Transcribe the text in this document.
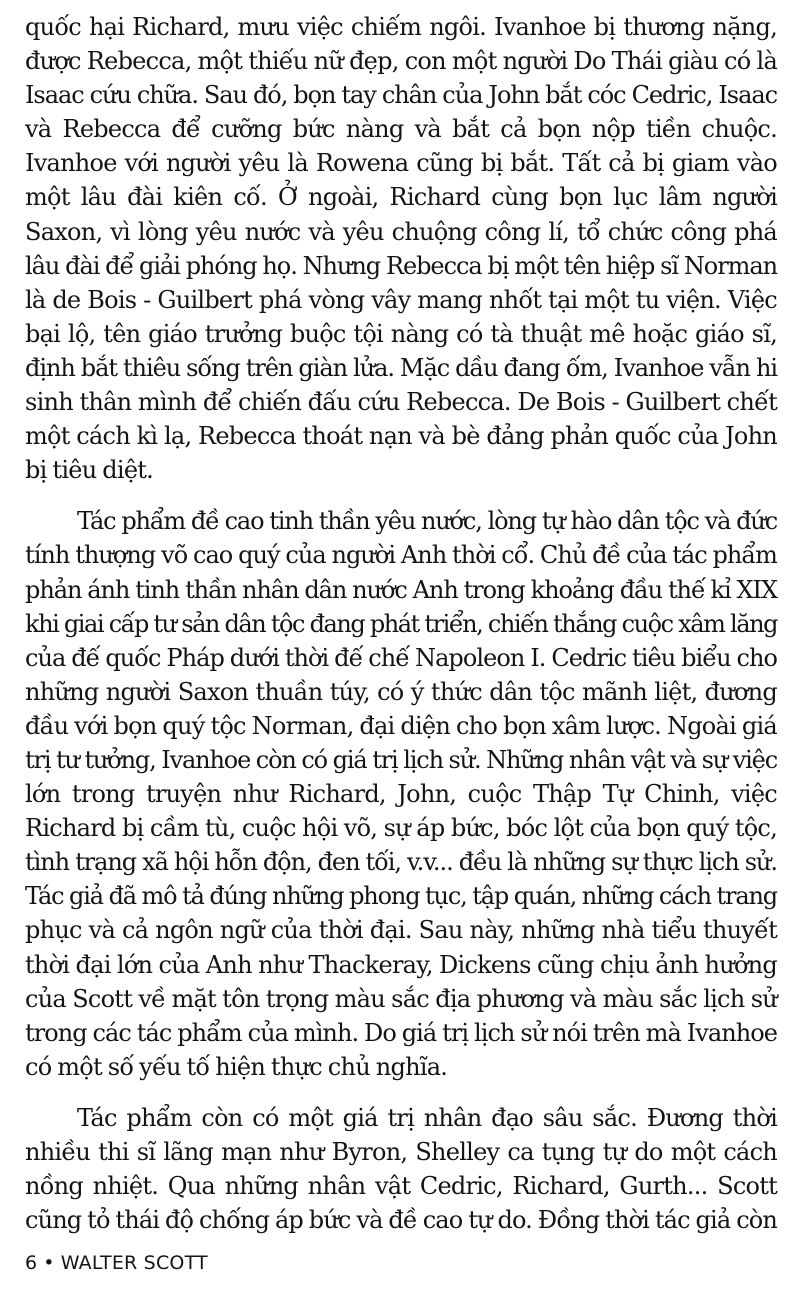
quốc hại Richard, mưu việc chiếm ngôi. Ivanhoe bị thương nặng,
được Rebecca, một thiếu nữ đẹp, con một người Do Thái giàu có là
Isaac cứu chữa. Sau đó, bọn tay chân của John bắt cóc Cedric, Isaac
và Rebecca để cưỡng bức nàng và bắt cả bọn nộp tiền chuộc.
Ivanhoe với người yêu là Rowena cũng bị bắt. Tất cả bị giam vào
một lâu đài kiên cố. Ở ngoài, Richard cùng bọn lục lâm người
Saxon, vì lòng yêu nước và yêu chuộng công lí, tổ chức công phá
lâu đài để giải phóng họ. Nhưng Rebecca bị một tên hiệp sĩ Norman
là de Bois - Guilbert phá vòng vây mang nhốt tại một tu viện. Việc
bại lộ, tên giáo trưởng buộc tội nàng có tà thuật mê hoặc giáo sĩ,
định bắt thiêu sống trên giàn lửa. Mặc dầu đang ốm, Ivanhoe vẫn hi
sinh thân mình để chiến đấu cứu Rebecca. De Bois - Guilbert chết
một cách kì lạ, Rebecca thoát nạn và bè đảng phản quốc của John
bị tiêu diệt.

Tác phẩm đề cao tinh thần yêu nước, lòng tự hào dân tộc và đức
tính thượng võ cao quý của người Anh thời cổ. Chủ đề của tác phẩm
phản ánh tinh thần nhân dân nước Anh trong khoảng đầu thế kỉ XIX
khi giai cấp tư sản dân tộc đang phát triển, chiến thắng cuộc xâm lăng
của đế quốc Pháp dưới thời đế chế Napoleon I. Cedric tiêu biểu cho
những người Saxon thuần túy, có ý thức dân tộc mãnh liệt, đương
đầu với bọn quý tộc Norman, đại diện cho bọn xâm lược. Ngoài giá
trị tư tưởng, Ivanhoe còn có giá trị lịch sử. Những nhân vật và sự việc
lớn trong truyện như Richard, John, cuộc Thập Tự Chinh, việc
Richard bị cầm tù, cuộc hội võ, sự áp bức, bóc lột của bọn quý tộc,
tình trạng xã hội hỗn độn, đen tối, v.v... đều là những sự thực lịch sử.
Tác giả đã mô tả đúng những phong tục, tập quán, những cách trang
phục và cả ngôn ngữ của thời đại. Sau này, những nhà tiểu thuyết
thời đại lớn của Anh như Thackeray, Dickens cũng chịu ảnh hưởng
của Scott về mặt tôn trọng màu sắc địa phương và màu sắc lịch sử
trong các tác phẩm của mình. Do giá trị lịch sử nói trên mà Ivanhoe
có một số yếu tố hiện thực chủ nghĩa.

Tác phẩm còn có một giá trị nhân đạo sâu sắc. Đương thời
nhiều thi sĩ lãng mạn như Byron, Shelley ca tụng tự do một cách
nồng nhiệt. Qua những nhân vật Cedric, Richard, Gurth... Scott
cũng tỏ thái độ chống áp bức và đề cao tự do. Đồng thời tác giả còn

6 • WALTER SCOTT
